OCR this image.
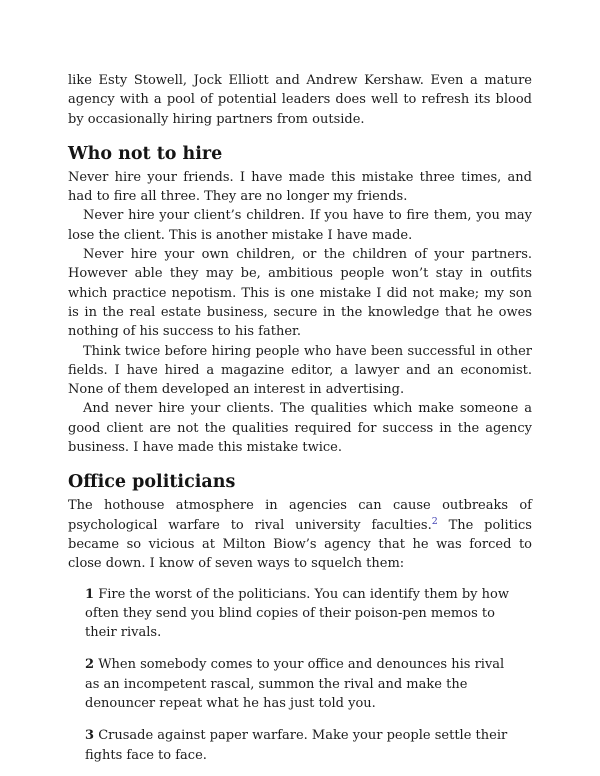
like Esty Stowell, Jock Elliott and Andrew Kershaw. Even a mature agency with a pool of potential leaders does well to refresh its blood by occasionally hiring partners from outside.

Who not to hire

Never hire your friends. I have made this mistake three times, and had to fire all three. They are no longer my friends.

Never hire your client’s children. If you have to fire them, you may lose the client. This is another mistake I have made.

Never hire your own children, or the children of your partners. However able they may be, ambitious people won’t stay in outfits which practice nepotism. This is one mistake I did not make; my son is in the real estate business, secure in the knowledge that he owes nothing of his success to his father.

Think twice before hiring people who have been successful in other fields. I have hired a magazine editor, a lawyer and an economist. None of them developed an interest in advertising.

And never hire your clients. The qualities which make someone a good client are not the qualities required for success in the agency business. I have made this mistake twice.

Office politicians

The hothouse atmosphere in agencies can cause outbreaks of psychological warfare to rival university faculties.$^2$ The politics became so vicious at Milton Biow’s agency that he was forced to close down. I know of seven ways to squelch them:

1 Fire the worst of the politicians. You can identify them by how often they send you blind copies of their poison-pen memos to their rivals.

2 When somebody comes to your office and denounces his rival as an incompetent rascal, summon the rival and make the denouncer repeat what he has just told you.

3 Crusade against paper warfare. Make your people settle their fights face to face.
